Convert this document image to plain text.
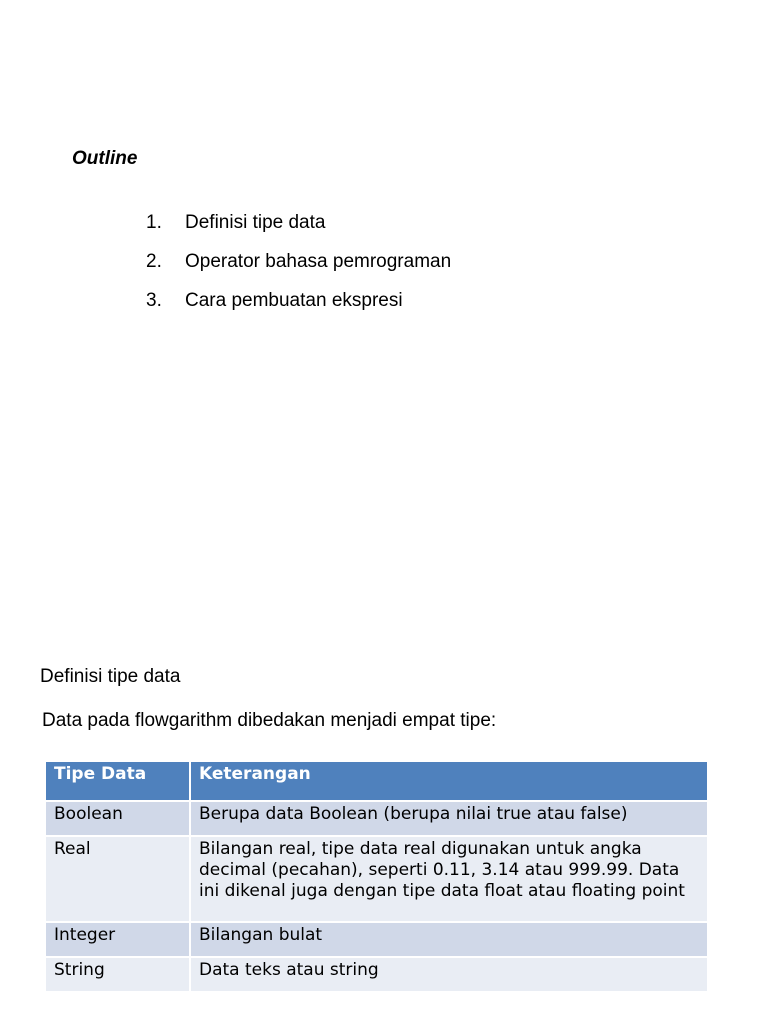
Outline
1.	Definisi tipe data
2.	Operator bahasa pemrograman
3.	Cara pembuatan ekspresi
Definisi tipe data
Data pada flowgarithm dibedakan menjadi empat tipe:
Tipe Data	Keterangan
Boolean	Berupa data Boolean (berupa nilai true atau false)
Real	Bilangan real, tipe data real digunakan untuk angka decimal (pecahan), seperti 0.11, 3.14 atau 999.99. Data ini dikenal juga dengan tipe data float atau floating point
Integer	Bilangan bulat
String	Data teks atau string
